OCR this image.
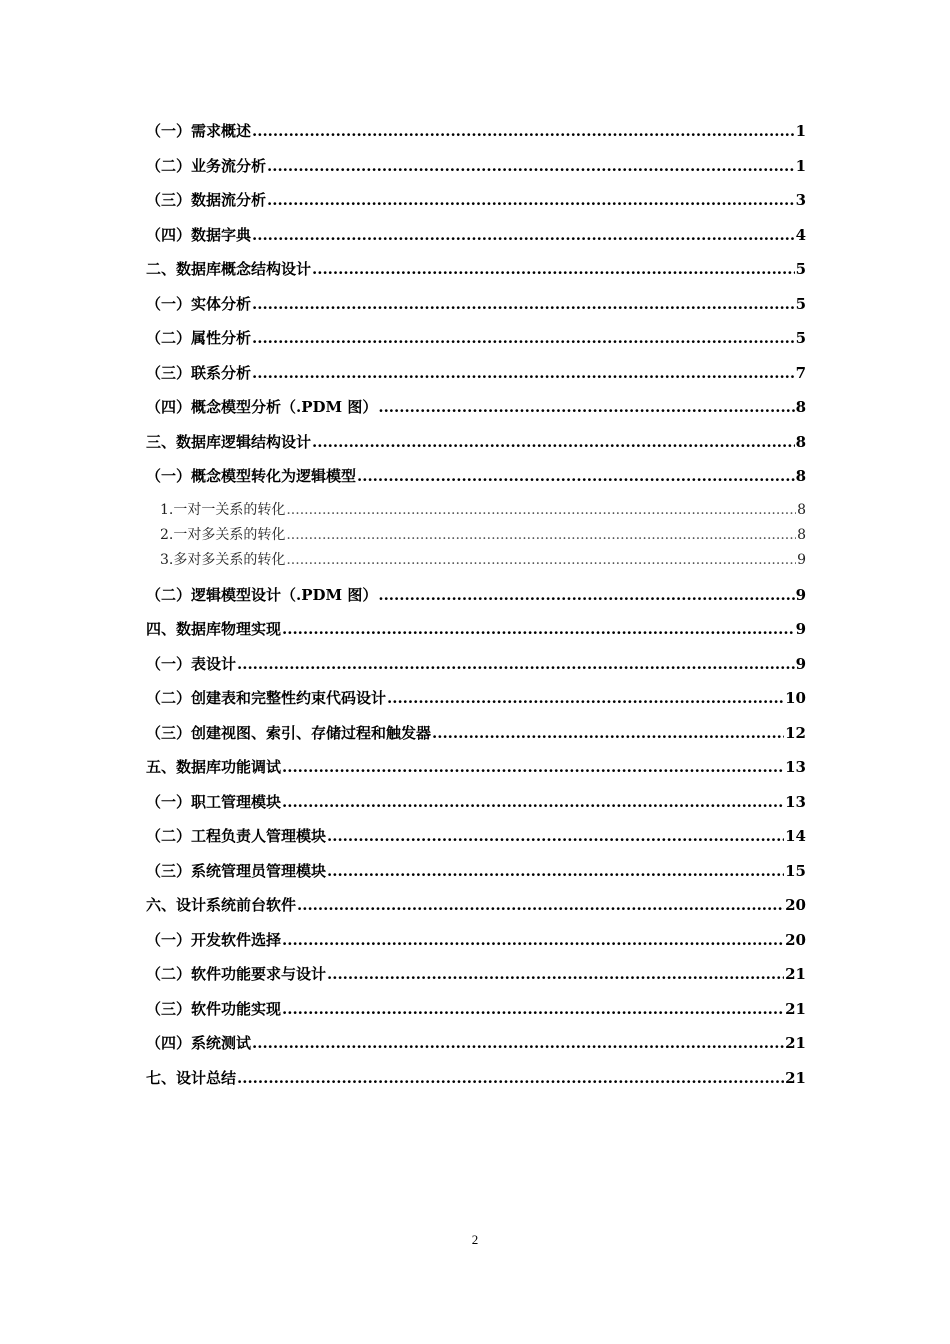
（一）需求概述 .....	1
（二）业务流分析 .....	1
（三）数据流分析 .....	3
（四）数据字典 .....	4
二、数据库概念结构设计 .....	5
（一）实体分析 .....	5
（二）属性分析 .....	5
（三）联系分析 .....	7
（四）概念模型分析（.PDM 图） .....	8
三、数据库逻辑结构设计 .....	8
（一）概念模型转化为逻辑模型 .....	8
1.一对一关系的转化 .....	8
2.一对多关系的转化 .....	8
3.多对多关系的转化 .....	9
（二）逻辑模型设计（.PDM 图） .....	9
四、数据库物理实现 .....	9
（一）表设计 .....	9
（二）创建表和完整性约束代码设计 .....	10
（三）创建视图、索引、存储过程和触发器 .....	12
五、数据库功能调试 .....	13
（一）职工管理模块 .....	13
（二）工程负责人管理模块 .....	14
（三）系统管理员管理模块 .....	15
六、设计系统前台软件 .....	20
（一）开发软件选择 .....	20
（二）软件功能要求与设计 .....	21
（三）软件功能实现 .....	21
（四）系统测试 .....	21
七、设计总结 .....	21
2
